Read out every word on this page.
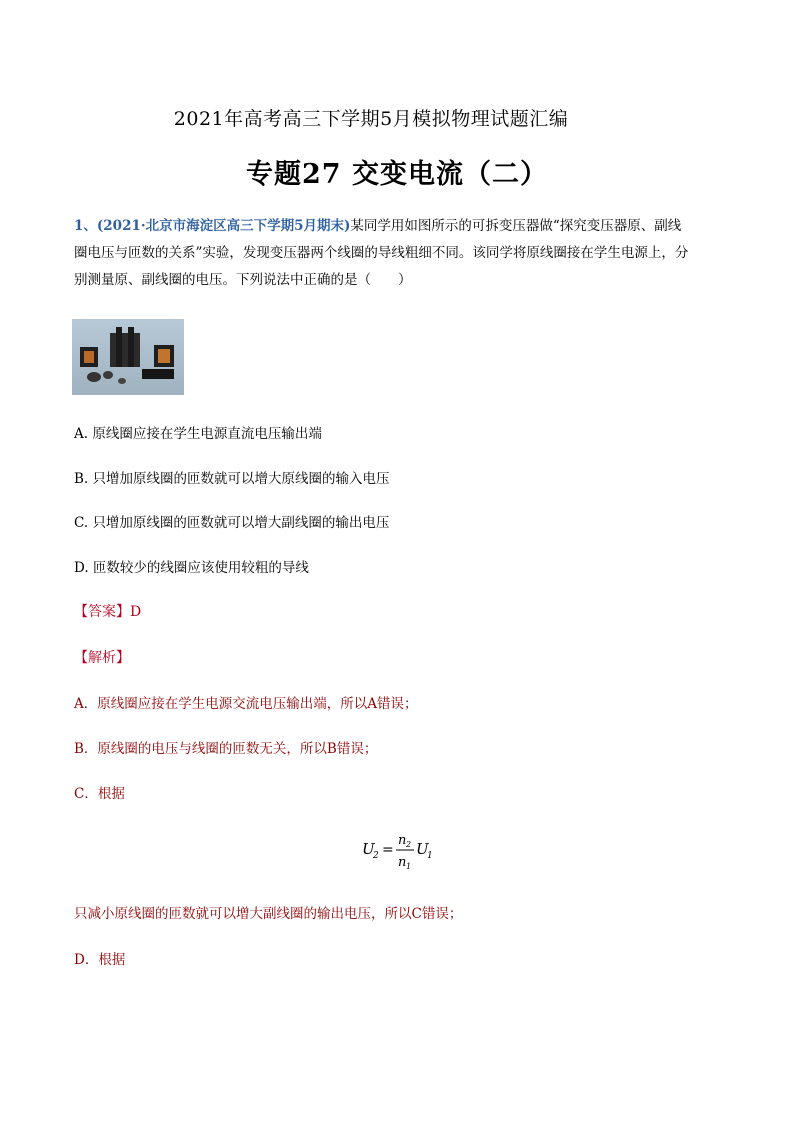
2021年高考高三下学期5月模拟物理试题汇编
专题27 交变电流（二）
1、(2021·北京市海淀区高三下学期5月期末)某同学用如图所示的可拆变压器做“探究变压器原、副线
圈电压与匝数的关系”实验，发现变压器两个线圈的导线粗细不同。该同学将原线圈接在学生电源上，分
别测量原、副线圈的电压。下列说法中正确的是（　　）
A. 原线圈应接在学生电源直流电压输出端
B. 只增加原线圈的匝数就可以增大原线圈的输入电压
C. 只增加原线圈的匝数就可以增大副线圈的输出电压
D. 匝数较少的线圈应该使用较粗的导线
【答案】D
【解析】
A．原线圈应接在学生电源交流电压输出端，所以A错误；
B．原线圈的电压与线圈的匝数无关，所以B错误；
C．根据
U
2 =
n 2
n 1
U
1
只减小原线圈的匝数就可以增大副线圈的输出电压，所以C错误；
D．根据
